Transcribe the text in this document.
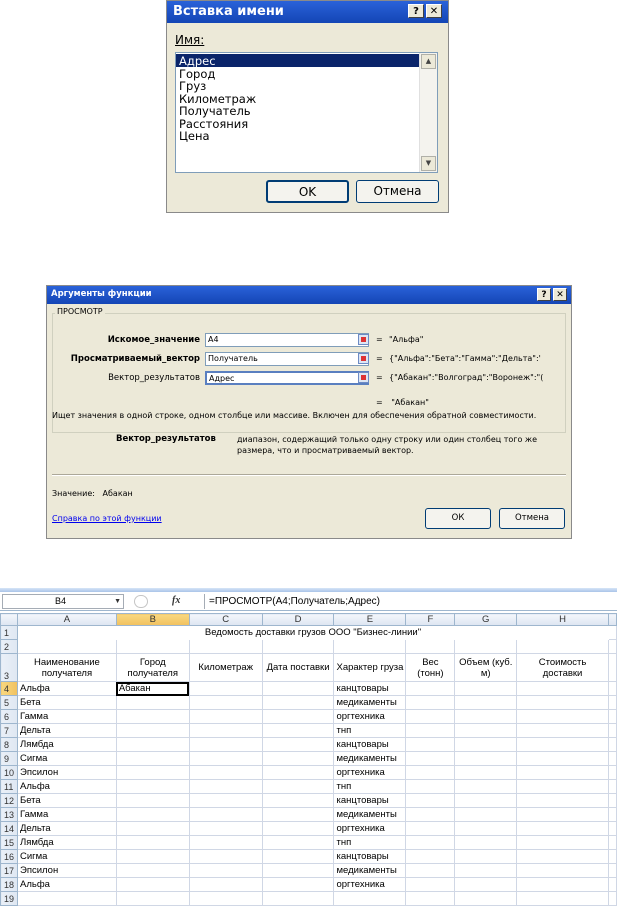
Вставка имени	?	✕
Имя:
Адрес
Город
Груз
Километраж
Получатель
Расстояния
Цена
▲
▼
OK	Отмена
Аргументы функции	?	✕
ПРОСМОТР
Искомое_значение	A4	= "Альфа"
Просматриваемый_вектор	Получатель	= {"Альфа":"Бета":"Гамма":"Дельта":'
Вектор_результатов	Адрес	= {"Абакан":"Волгоград":"Воронеж":"(
= "Абакан"
Ищет значения в одной строке, одном столбце или массиве. Включен для обеспечения обратной совместимости.
Вектор_результатов	диапазон, содержащий только одну строку или один столбец того же размера, что и просматриваемый вектор.
Значение: Абакан
Справка по этой функции	ОК	Отмена
B4	▼	fx	=ПРОСМОТР(A4;Получатель;Адрес)
	A	B	C	D	E	F	G	H	
1	Ведомость доставки грузов ООО "Бизнес-линии"								
2									
3	Наименование получателя	Город получателя	Километраж	Дата поставки	Характер груза	Вес (тонн)	Объем (куб. м)	Стоимость доставки	
4	Альфа	Абакан			канцтовары				
5	Бета				медикаменты				
6	Гамма				оргтехника				
7	Дельта				тнп				
8	Лямбда				канцтовары				
9	Сигма				медикаменты				
10	Эпсилон				оргтехника				
11	Альфа				тнп				
12	Бета				канцтовары				
13	Гамма				медикаменты				
14	Дельта				оргтехника				
15	Лямбда				тнп				
16	Сигма				канцтовары				
17	Эпсилон				медикаменты				
18	Альфа				оргтехника				
19									
